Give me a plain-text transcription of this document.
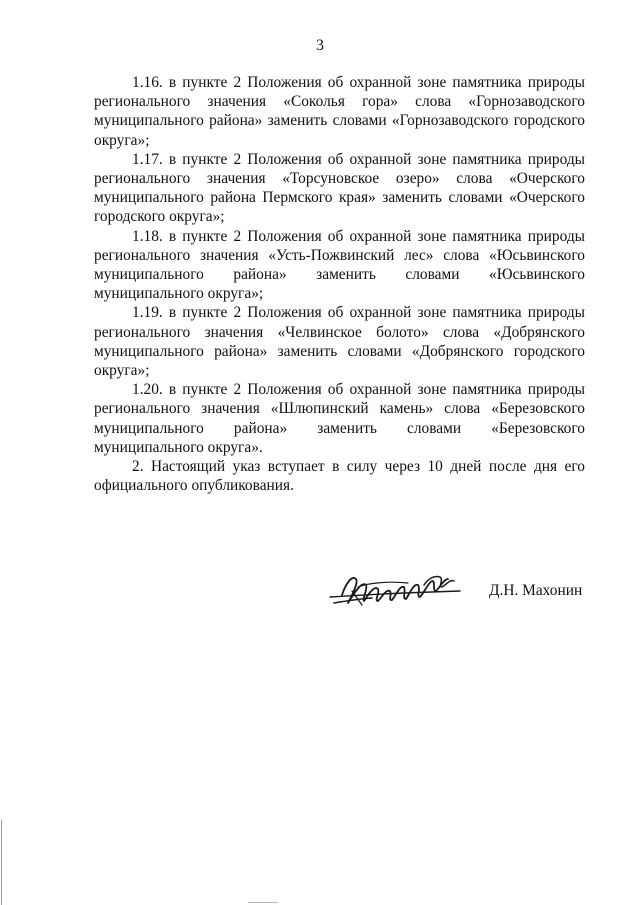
3

1.16. в пункте 2 Положения об охранной зоне памятника природы регионального значения «Соколья гора» слова «Горнозаводского муниципального района» заменить словами «Горнозаводского городского округа»;

1.17. в пункте 2 Положения об охранной зоне памятника природы регионального значения «Торсуновское озеро» слова «Очерского муниципального района Пермского края» заменить словами «Очерского городского округа»;

1.18. в пункте 2 Положения об охранной зоне памятника природы регионального значения «Усть-Пожвинский лес» слова «Юсьвинского муниципального района» заменить словами «Юсьвинского муниципального округа»;

1.19. в пункте 2 Положения об охранной зоне памятника природы регионального значения «Челвинское болото» слова «Добрянского муниципального района» заменить словами «Добрянского городского округа»;

1.20. в пункте 2 Положения об охранной зоне памятника природы регионального значения «Шлюпинский камень» слова «Березовского муниципального района» заменить словами «Березовского муниципального округа».

2. Настоящий указ вступает в силу через 10 дней после дня его официального опубликования.

Д.Н. Махонин
